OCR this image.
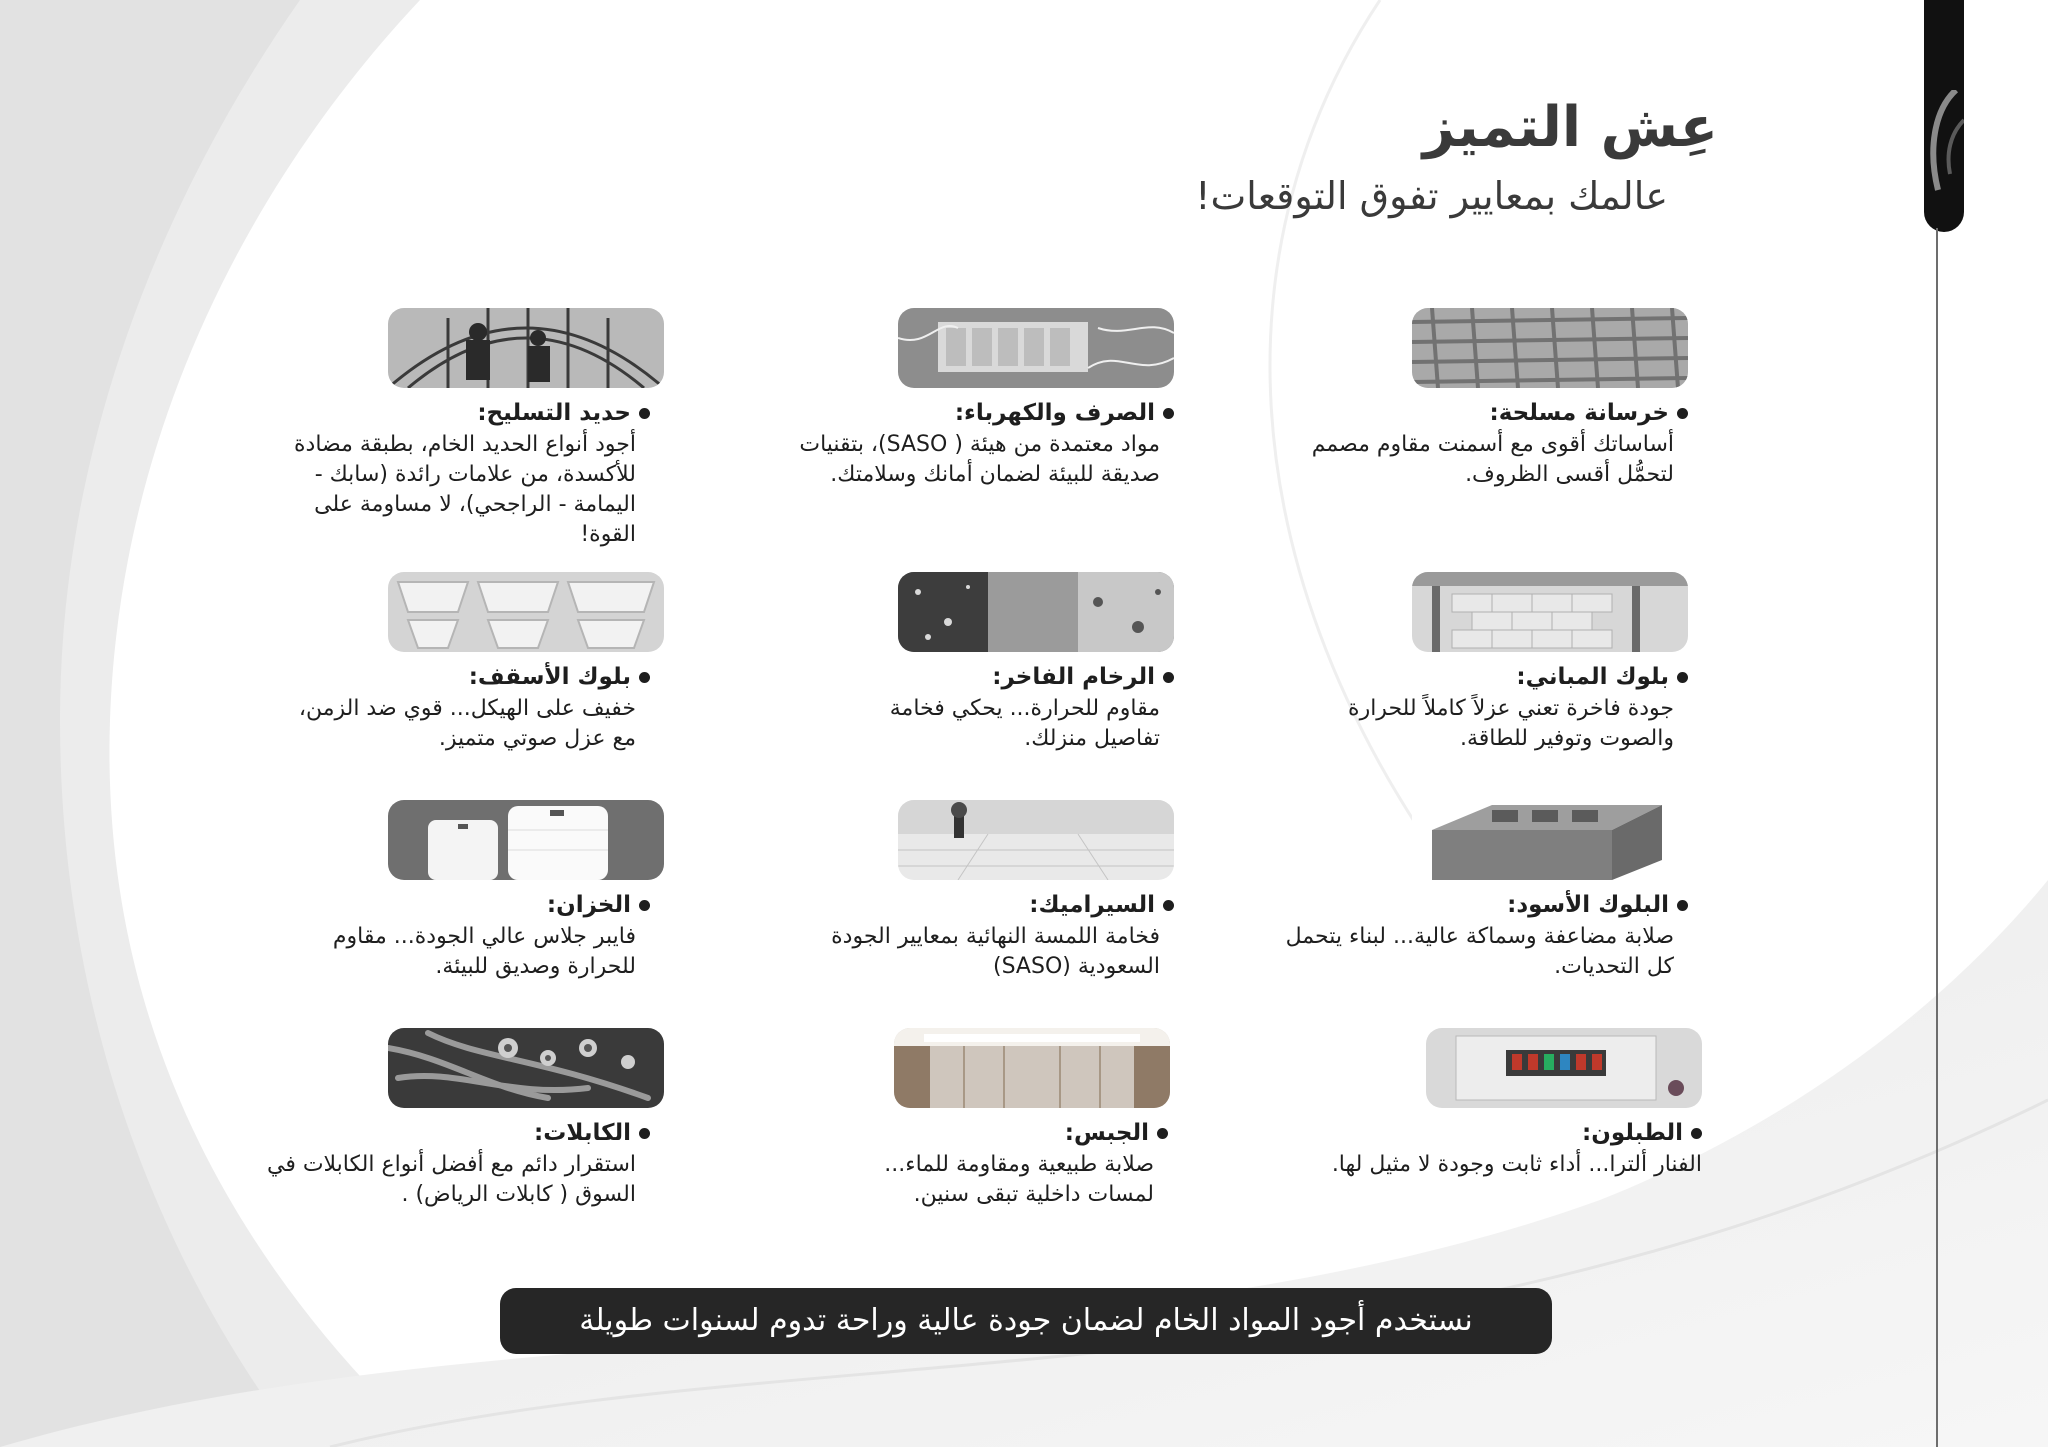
عِش التميز
عالمك بمعايير تفوق التوقعات!
خرسانة مسلحة:
أساساتك أقوى مع أسمنت مقاوم مصمم لتحمُّل أقسى الظروف.
الصرف والكهرباء:
مواد معتمدة من هيئة ( SASO)، بتقنيات صديقة للبيئة لضمان أمانك وسلامتك.
حديد التسليح:
أجود أنواع الحديد الخام، بطبقة مضادة للأكسدة، من علامات رائدة (سابك - اليمامة - الراجحي)، لا مساومة على القوة!
بلوك المباني:
جودة فاخرة تعني عزلاً كاملاً للحرارة والصوت وتوفير للطاقة.
الرخام الفاخر:
مقاوم للحرارة... يحكي فخامة تفاصيل منزلك.
بلوك الأسقف:
خفيف على الهيكل... قوي ضد الزمن، مع عزل صوتي متميز.
البلوك الأسود:
صلابة مضاعفة وسماكة عالية... لبناء يتحمل كل التحديات.
السيراميك:
فخامة اللمسة النهائية بمعايير الجودة السعودية (SASO)
الخزان:
فايبر جلاس عالي الجودة... مقاوم للحرارة وصديق للبيئة.
الطبلون:
الفنار ألترا... أداء ثابت وجودة لا مثيل لها.
الجبس:
صلابة طبيعية ومقاومة للماء... لمسات داخلية تبقى سنين.
الكابلات:
استقرار دائم مع أفضل أنواع الكابلات في السوق ( كابلات الرياض) .
نستخدم أجود المواد الخام لضمان جودة عالية وراحة تدوم لسنوات طويلة
